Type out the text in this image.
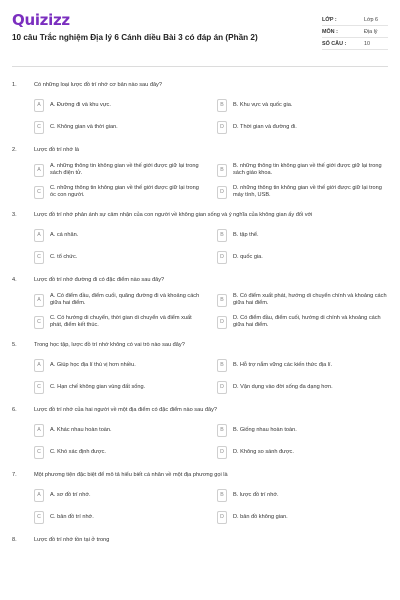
Quizizz
10 câu Trắc nghiệm Địa lý 6 Cánh diều Bài 3 có đáp án (Phần 2)
LỚP :	Lớp 6
MÔN :	Địa lý
SỐ CÂU :	10
1.	Có những loại lược đồ trí nhớ cơ bản nào sau đây?
A	A. Đường đi và khu vực.	B	B. Khu vực và quốc gia.
C	C. Không gian và thời gian.	D	D. Thời gian và đường đi.
2.	Lược đồ trí nhớ là
A
A. những thông tin không gian về thế giới được giữ lại trong sách điện tử.	B
B. những thông tin không gian về thế giới được giữ lại trong sách giáo khoa.
C
C. những thông tin không gian về thế giới được giữ lại trong óc con người.	D
D. những thông tin không gian về thế giới được giữ lại trong máy tính, USB.
3.	Lược đồ trí nhớ phản ánh sự cảm nhận của con người về không gian sống và ý nghĩa của không gian ấy đối với
A	A. cá nhân.	B	B. tập thể.
C	C. tổ chức.	D	D. quốc gia.
4.	Lược đồ trí nhớ đường đi có đặc điểm nào sau đây?
A
A. Có điểm đầu, điểm cuối, quãng đường đi và khoảng cách giữa hai điểm.	B
B. Có điểm xuất phát, hướng di chuyển chính và khoảng cách giữa hai điểm.
C
C. Có hướng di chuyển, thời gian di chuyển và điểm xuất phát, điểm kết thúc.	D
D. Có điểm đầu, điểm cuối, hướng di chính và khoảng cách giữa hai điểm.
5.	Trong học tập, lược đồ trí nhớ không có vai trò nào sau đây?
A	A. Giúp học địa lí thú vị hơn nhiều.	B	B. Hỗ trợ nắm vững các kiến thức địa lí.
C	C. Hạn chế không gian vùng đất sống.	D	D. Vận dụng vào đời sống đa dạng hơn.
6.	Lược đồ trí nhớ của hai người về một địa điểm có đặc điểm nào sau đây?
A	A. Khác nhau hoàn toàn.	B	B. Giống nhau hoàn toàn.
C	C. Khó xác định được.	D	D. Không so sánh được.
7.	Một phương tiện đặc biệt để mô tả hiểu biết cá nhân về một địa phương gọi là
A	A. sơ đồ trí nhớ.	B	B. lược đồ trí nhớ.
C	C. bản đồ trí nhớ.	D	D. bản đồ không gian.
8.	Lược đồ trí nhớ tồn tại ở trong
